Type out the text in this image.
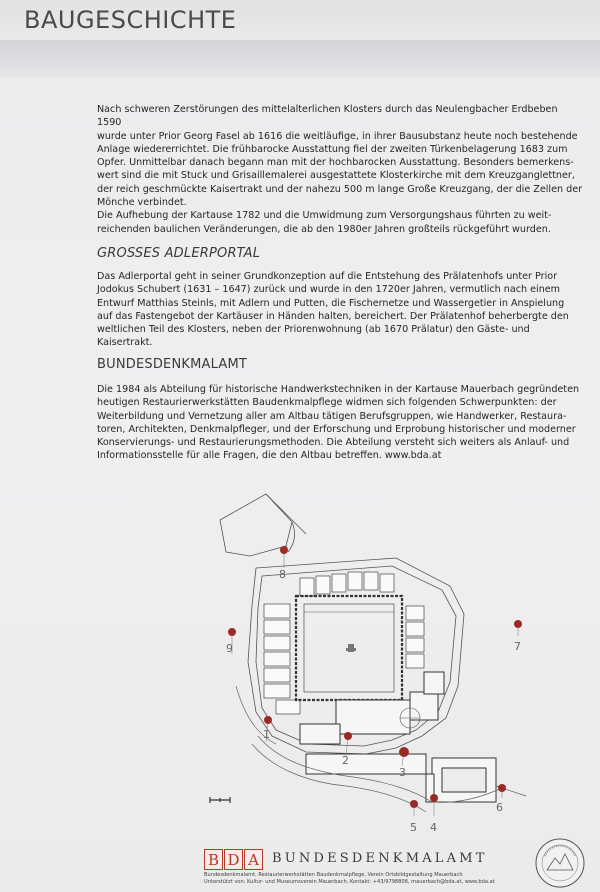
BAUGESCHICHTE
Nach schweren Zerstörungen des mittelalterlichen Klosters durch das Neulengbacher Erdbeben 1590
wurde unter Prior Georg Fasel ab 1616 die weitläufige, in ihrer Bausubstanz heute noch bestehende
Anlage wiedererrichtet. Die frühbarocke Ausstattung fiel der zweiten Türkenbelagerung 1683 zum
Opfer. Unmittelbar danach begann man mit der hochbarocken Ausstattung. Besonders bemerkens-
wert sind die mit Stuck und Grisaillemalerei ausgestattete Klosterkirche mit dem Kreuzganglettner,
der reich geschmückte Kaisertrakt und der nahezu 500 m lange Große Kreuzgang, der die Zellen der
Mönche verbindet.
Die Aufhebung der Kartause 1782 und die Umwidmung zum Versorgungshaus führten zu weit-
reichenden baulichen Veränderungen, die ab den 1980er Jahren großteils rückgeführt wurden.
GROSSES ADLERPORTAL
Das Adlerportal geht in seiner Grundkonzeption auf die Entstehung des Prälatenhofs unter Prior
Jodokus Schubert (1631 – 1647) zurück und wurde in den 1720er Jahren, vermutlich nach einem
Entwurf Matthias Steinls, mit Adlern und Putten, die Fischernetze und Wassergetier in Anspielung
auf das Fastengebot der Kartäuser in Händen halten, bereichert. Der Prälatenhof beherbergte den
weltlichen Teil des Klosters, neben der Priorenwohnung (ab 1670 Prälatur) den Gäste- und Kaisertrakt.
BUNDESDENKMALAMT
Die 1984 als Abteilung für historische Handwerkstechniken in der Kartause Mauerbach gegründeten
heutigen Restaurierwerkstätten Baudenkmalpflege widmen sich folgenden Schwerpunkten: der
Weiterbildung und Vernetzung aller am Altbau tätigen Berufsgruppen, wie Handwerker, Restaura-
toren, Architekten, Denkmalpfleger, und der Erforschung und Erprobung historischer und moderner
Konservierungs- und Restaurierungsmethoden. Die Abteilung versteht sich weiters als Anlauf- und
Informationsstelle für alle Fragen, die den Altbau betreffen. www.bda.at
1
2
3
4
5
6
7
8
9
B D A	BUNDESDENKMALAMT
Bundesdenkmalamt, Restaurierwerkstätten Baudenkmalpflege, Verein Ortsbildgestaltung Mauerbach
Unterstützt von: Kultur- und Museumsverein Mauerbach, Kontakt: +43/9798808, mauerbach@bda.at, www.bda.at
